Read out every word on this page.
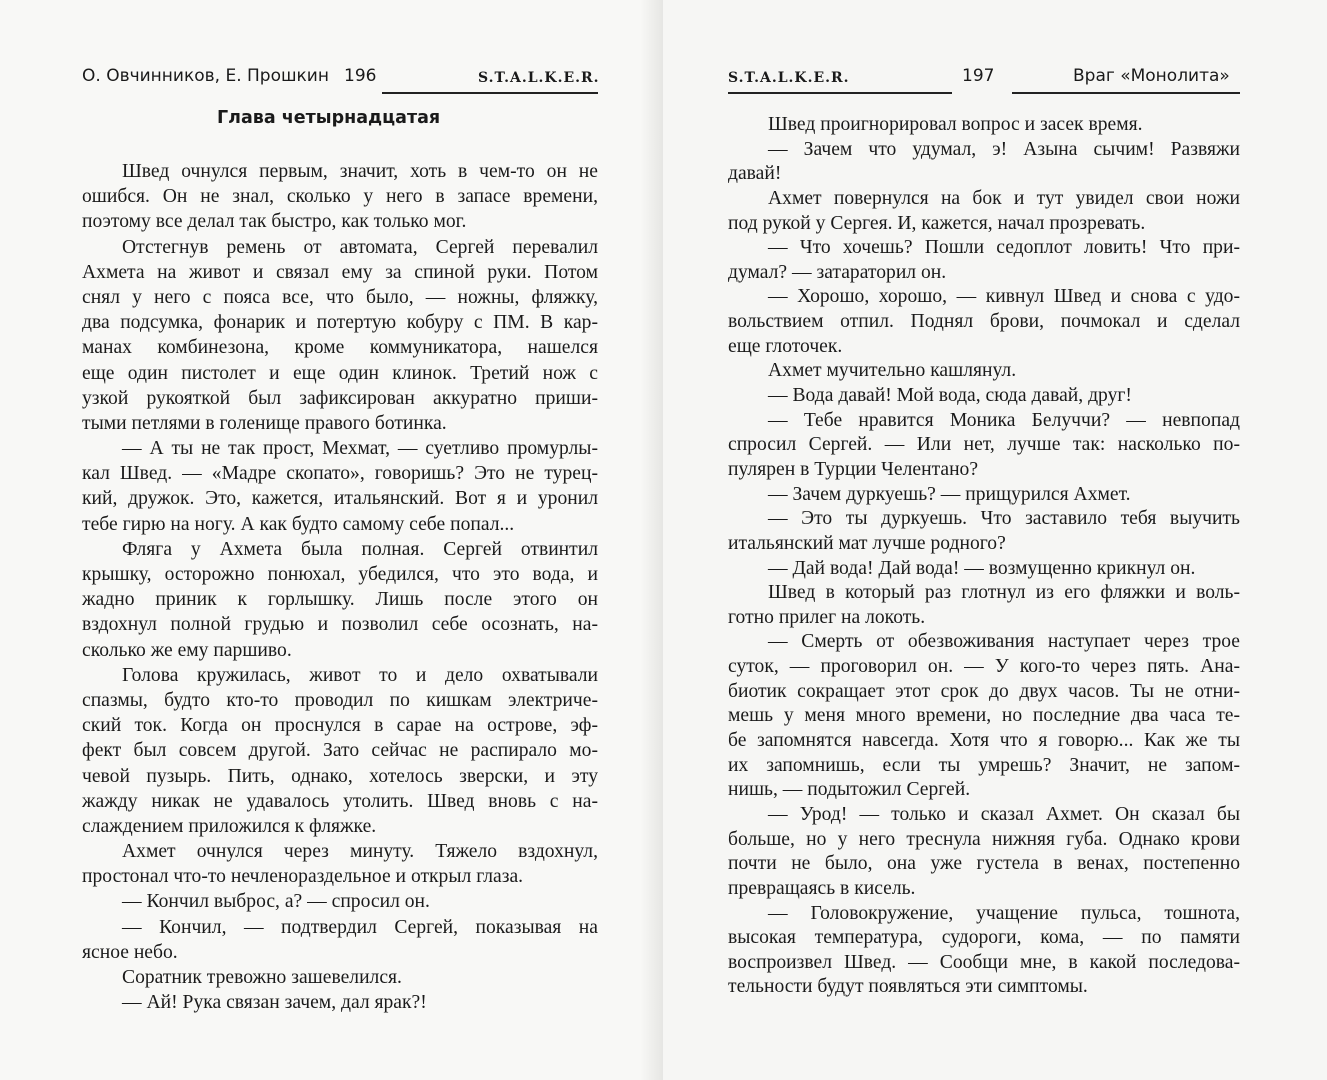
О. Овчинников, Е. Прошкин 196	S.T.A.L.K.E.R.
Глава четырнадцатая
Швед очнулся первым, значит, хоть в чем-то он не
ошибся. Он не знал, сколько у него в запасе времени,
поэтому все делал так быстро, как только мог.
Отстегнув ремень от автомата, Сергей перевалил
Ахмета на живот и связал ему за спиной руки. Потом
снял у него с пояса все, что было, — ножны, фляжку,
два подсумка, фонарик и потертую кобуру с ПМ. В кар-
манах комбинезона, кроме коммуникатора, нашелся
еще один пистолет и еще один клинок. Третий нож с
узкой рукояткой был зафиксирован аккуратно приши-
тыми петлями в голенище правого ботинка.
— А ты не так прост, Мехмат, — суетливо промурлы-
кал Швед. — «Мадре скопато», говоришь? Это не турец-
кий, дружок. Это, кажется, итальянский. Вот я и уронил
тебе гирю на ногу. А как будто самому себе попал...
Фляга у Ахмета была полная. Сергей отвинтил
крышку, осторожно понюхал, убедился, что это вода, и
жадно приник к горлышку. Лишь после этого он
вздохнул полной грудью и позволил себе осознать, на-
сколько же ему паршиво.
Голова кружилась, живот то и дело охватывали
спазмы, будто кто-то проводил по кишкам электриче-
ский ток. Когда он проснулся в сарае на острове, эф-
фект был совсем другой. Зато сейчас не распирало мо-
чевой пузырь. Пить, однако, хотелось зверски, и эту
жажду никак не удавалось утолить. Швед вновь с на-
слаждением приложился к фляжке.
Ахмет очнулся через минуту. Тяжело вздохнул,
простонал что-то нечленораздельное и открыл глаза.
— Кончил выброс, а? — спросил он.
— Кончил, — подтвердил Сергей, показывая на
ясное небо.
Соратник тревожно зашевелился.
— Ай! Рука связан зачем, дал ярак?!
S.T.A.L.K.E.R.	197	Враг «Монолита»
Швед проигнорировал вопрос и засек время.
— Зачем что удумал, э! Азына сычим! Развяжи
давай!
Ахмет повернулся на бок и тут увидел свои ножи
под рукой у Сергея. И, кажется, начал прозревать.
— Что хочешь? Пошли седоплот ловить! Что при-
думал? — затараторил он.
— Хорошо, хорошо, — кивнул Швед и снова с удо-
вольствием отпил. Поднял брови, почмокал и сделал
еще глоточек.
Ахмет мучительно кашлянул.
— Вода давай! Мой вода, сюда давай, друг!
— Тебе нравится Моника Белуччи? — невпопад
спросил Сергей. — Или нет, лучше так: насколько по-
пулярен в Турции Челентано?
— Зачем дуркуешь? — прищурился Ахмет.
— Это ты дуркуешь. Что заставило тебя выучить
итальянский мат лучше родного?
— Дай вода! Дай вода! — возмущенно крикнул он.
Швед в который раз глотнул из его фляжки и воль-
готно прилег на локоть.
— Смерть от обезвоживания наступает через трое
суток, — проговорил он. — У кого-то через пять. Ана-
биотик сокращает этот срок до двух часов. Ты не отни-
мешь у меня много времени, но последние два часа те-
бе запомнятся навсегда. Хотя что я говорю... Как же ты
их запомнишь, если ты умрешь? Значит, не запом-
нишь, — подытожил Сергей.
— Урод! — только и сказал Ахмет. Он сказал бы
больше, но у него треснула нижняя губа. Однако крови
почти не было, она уже густела в венах, постепенно
превращаясь в кисель.
— Головокружение, учащение пульса, тошнота,
высокая температура, судороги, кома, — по памяти
воспроизвел Швед. — Сообщи мне, в какой последова-
тельности будут появляться эти симптомы.
